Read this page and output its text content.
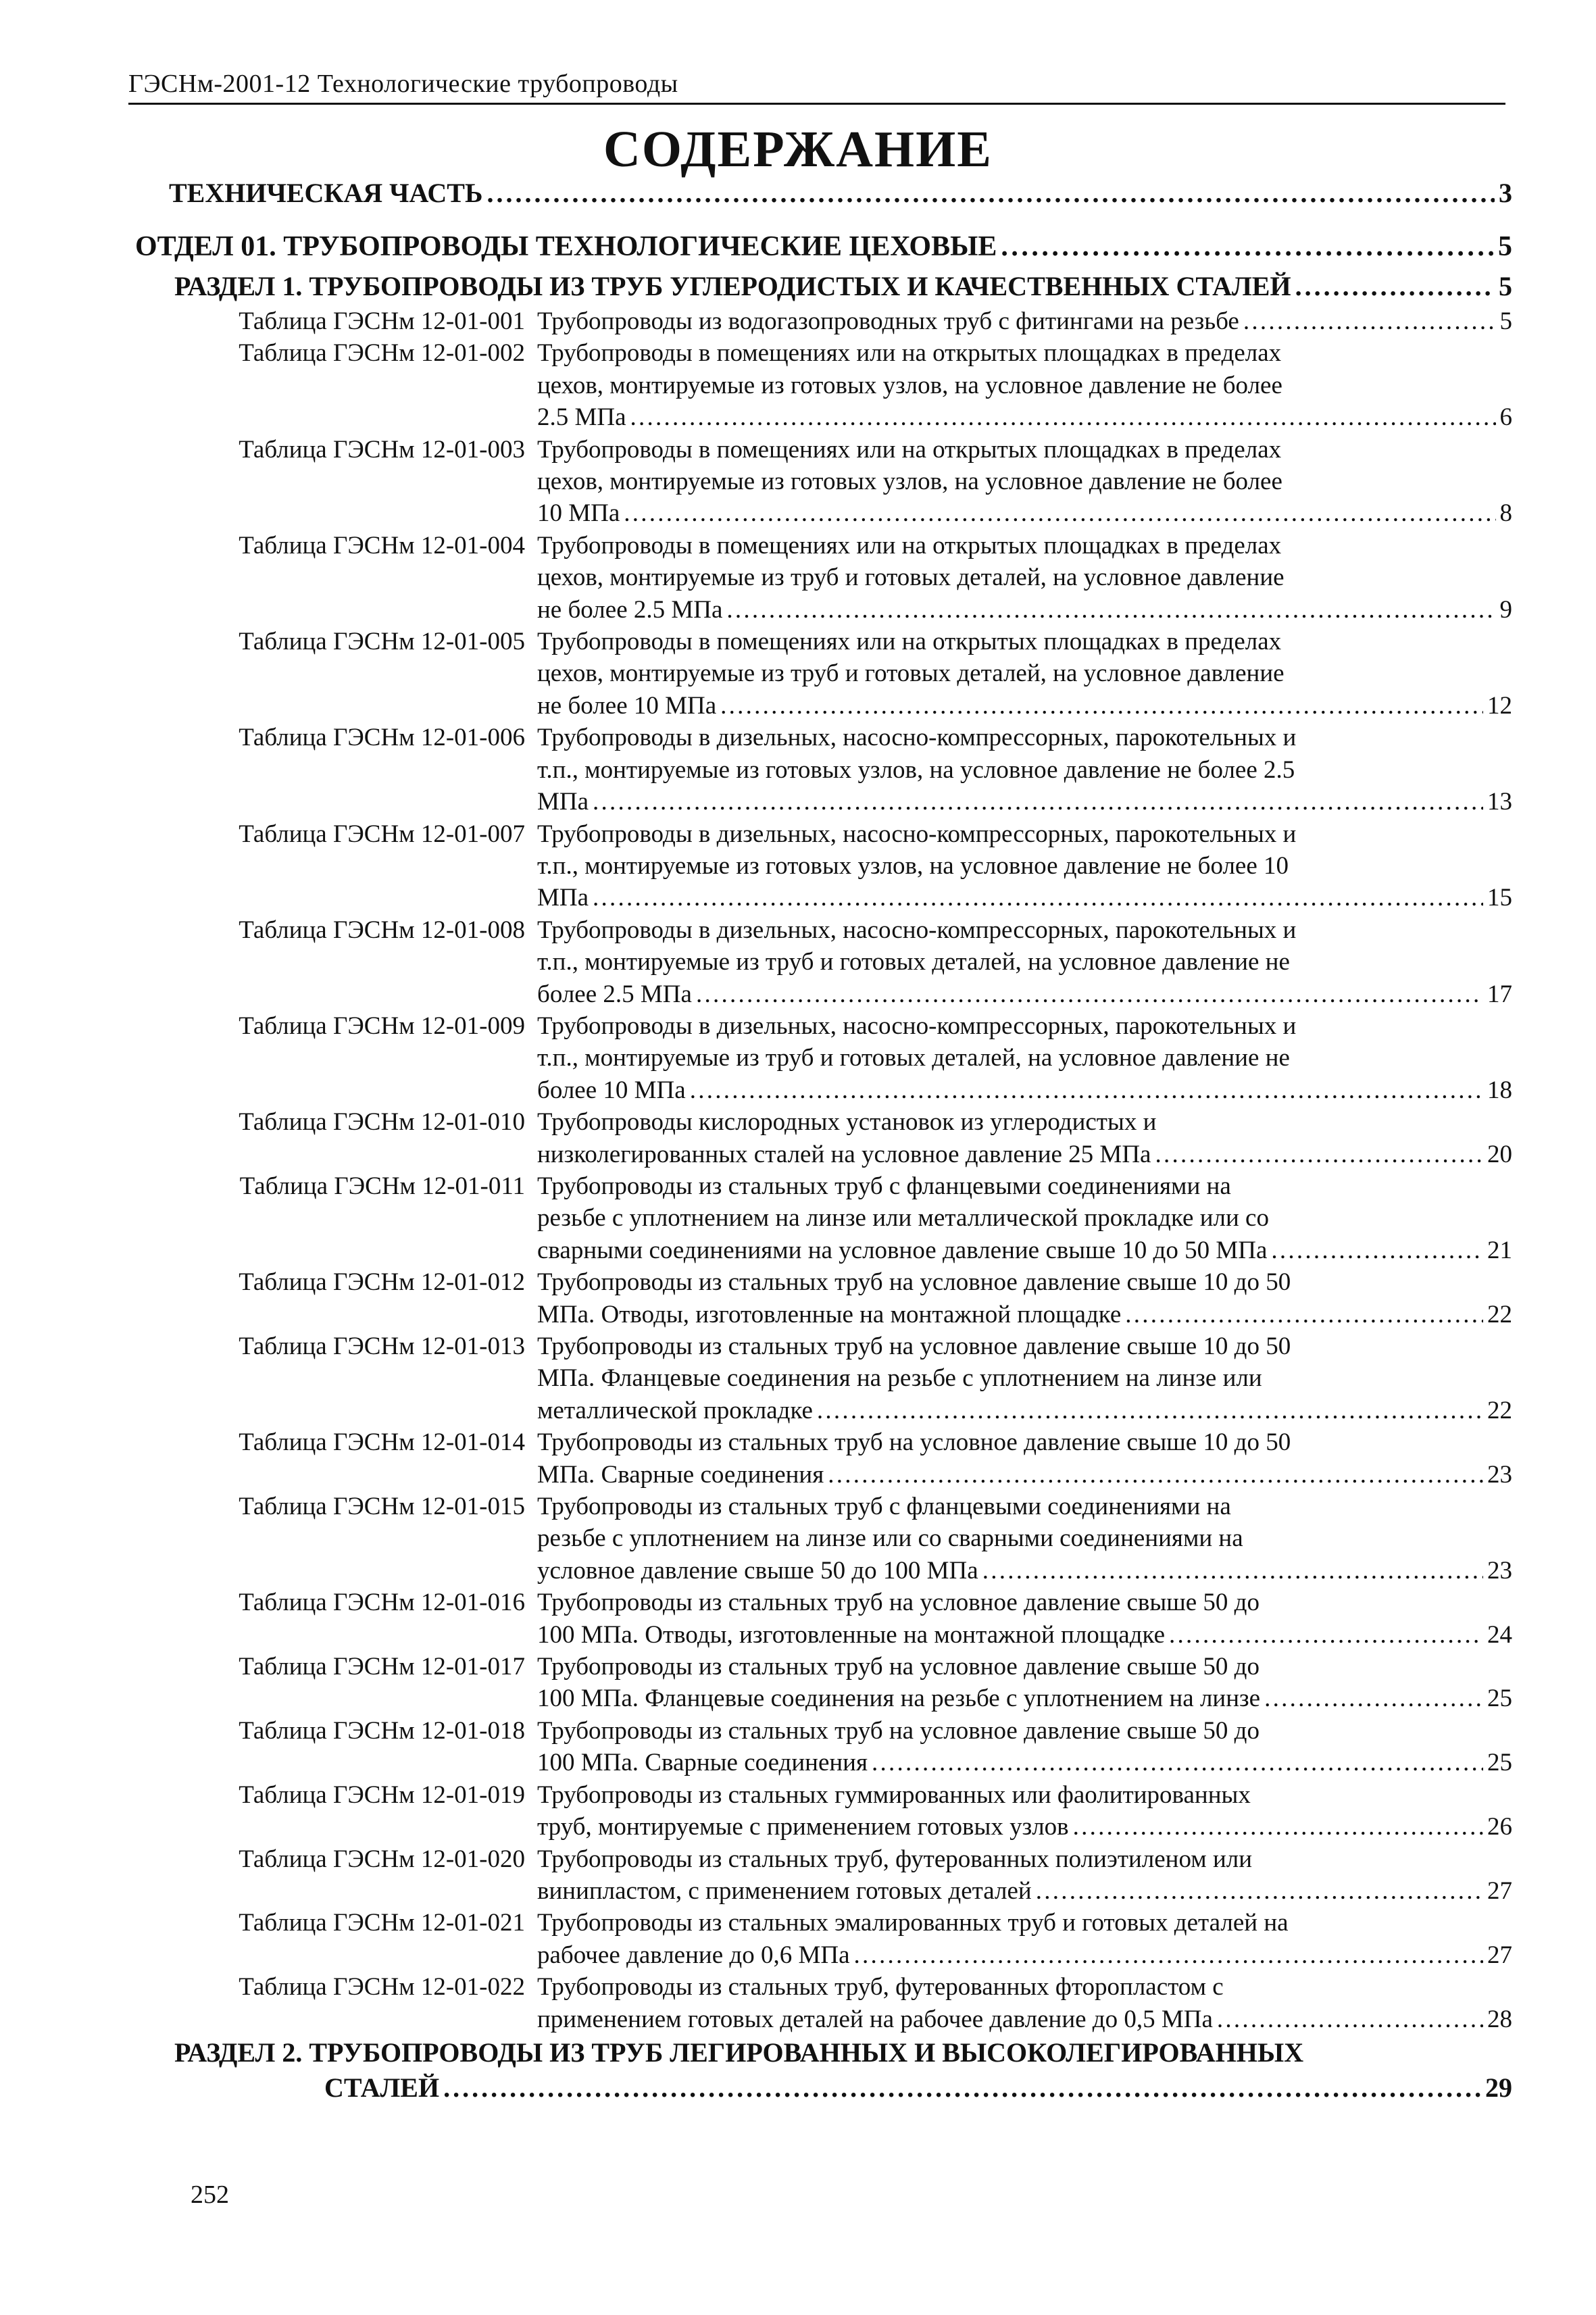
ГЭСНм-2001-12 Технологические трубопроводы
СОДЕРЖАНИЕ
ТЕХНИЧЕСКАЯ ЧАСТЬ . . .	3
ОТДЕЛ 01. ТРУБОПРОВОДЫ ТЕХНОЛОГИЧЕСКИЕ ЦЕХОВЫЕ . . .	5
РАЗДЕЛ 1. ТРУБОПРОВОДЫ ИЗ ТРУБ УГЛЕРОДИСТЫХ И КАЧЕСТВЕННЫХ СТАЛЕЙ . . .	5
Таблица ГЭСНм 12-01-001 Трубопроводы из водогазопроводных труб с фитингами на резьбе . . .	5
Таблица ГЭСНм 12-01-002 Трубопроводы в помещениях или на открытых площадках в пределах
цехов, монтируемые из готовых узлов, на условное давление не более
2.5 МПа . . .	6
Таблица ГЭСНм 12-01-003 Трубопроводы в помещениях или на открытых площадках в пределах
цехов, монтируемые из готовых узлов, на условное давление не более
10 МПа . . .	8
Таблица ГЭСНм 12-01-004 Трубопроводы в помещениях или на открытых площадках в пределах
цехов, монтируемые из труб и готовых деталей, на условное давление
не более 2.5 МПа . . .	9
Таблица ГЭСНм 12-01-005 Трубопроводы в помещениях или на открытых площадках в пределах
цехов, монтируемые из труб и готовых деталей, на условное давление
не более 10 МПа . . .	12
Таблица ГЭСНм 12-01-006 Трубопроводы в дизельных, насосно-компрессорных, парокотельных и
т.п., монтируемые из готовых узлов, на условное давление не более 2.5
МПа . . .	13
Таблица ГЭСНм 12-01-007 Трубопроводы в дизельных, насосно-компрессорных, парокотельных и
т.п., монтируемые из готовых узлов, на условное давление не более 10
МПа . . .	15
Таблица ГЭСНм 12-01-008 Трубопроводы в дизельных, насосно-компрессорных, парокотельных и
т.п., монтируемые из труб и готовых деталей, на условное давление не
более 2.5 МПа . . .	17
Таблица ГЭСНм 12-01-009 Трубопроводы в дизельных, насосно-компрессорных, парокотельных и
т.п., монтируемые из труб и готовых деталей, на условное давление не
более 10 МПа . . .	18
Таблица ГЭСНм 12-01-010 Трубопроводы кислородных установок из углеродистых и
низколегированных сталей на условное давление 25 МПа . . .	20
Таблица ГЭСНм 12-01-011 Трубопроводы из стальных труб с фланцевыми соединениями на
резьбе с уплотнением на линзе или металлической прокладке или со
сварными соединениями на условное давление свыше 10 до 50 МПа . . .	21
Таблица ГЭСНм 12-01-012 Трубопроводы из стальных труб на условное давление свыше 10 до 50
МПа. Отводы, изготовленные на монтажной площадке . . .	22
Таблица ГЭСНм 12-01-013 Трубопроводы из стальных труб на условное давление свыше 10 до 50
МПа. Фланцевые соединения на резьбе с уплотнением на линзе или
металлической прокладке . . .	22
Таблица ГЭСНм 12-01-014 Трубопроводы из стальных труб на условное давление свыше 10 до 50
МПа. Сварные соединения . . .	23
Таблица ГЭСНм 12-01-015 Трубопроводы из стальных труб с фланцевыми соединениями на
резьбе с уплотнением на линзе или со сварными соединениями на
условное давление свыше 50 до 100 МПа . . .	23
Таблица ГЭСНм 12-01-016 Трубопроводы из стальных труб на условное давление свыше 50 до
100 МПа. Отводы, изготовленные на монтажной площадке . . .	24
Таблица ГЭСНм 12-01-017 Трубопроводы из стальных труб на условное давление свыше 50 до
100 МПа. Фланцевые соединения на резьбе с уплотнением на линзе . . .	25
Таблица ГЭСНм 12-01-018 Трубопроводы из стальных труб на условное давление свыше 50 до
100 МПа. Сварные соединения . . .	25
Таблица ГЭСНм 12-01-019 Трубопроводы из стальных гуммированных или фаолитированных
труб, монтируемые с применением готовых узлов . . .	26
Таблица ГЭСНм 12-01-020 Трубопроводы из стальных труб, футерованных полиэтиленом или
винипластом, с применением готовых деталей . . .	27
Таблица ГЭСНм 12-01-021 Трубопроводы из стальных эмалированных труб и готовых деталей на
рабочее давление до 0,6 МПа . . .	27
Таблица ГЭСНм 12-01-022 Трубопроводы из стальных труб, футерованных фторопластом с
применением готовых деталей на рабочее давление до 0,5 МПа . . .	28
РАЗДЕЛ 2. ТРУБОПРОВОДЫ ИЗ ТРУБ ЛЕГИРОВАННЫХ И ВЫСОКОЛЕГИРОВАННЫХ
СТАЛЕЙ . . .	29
252
